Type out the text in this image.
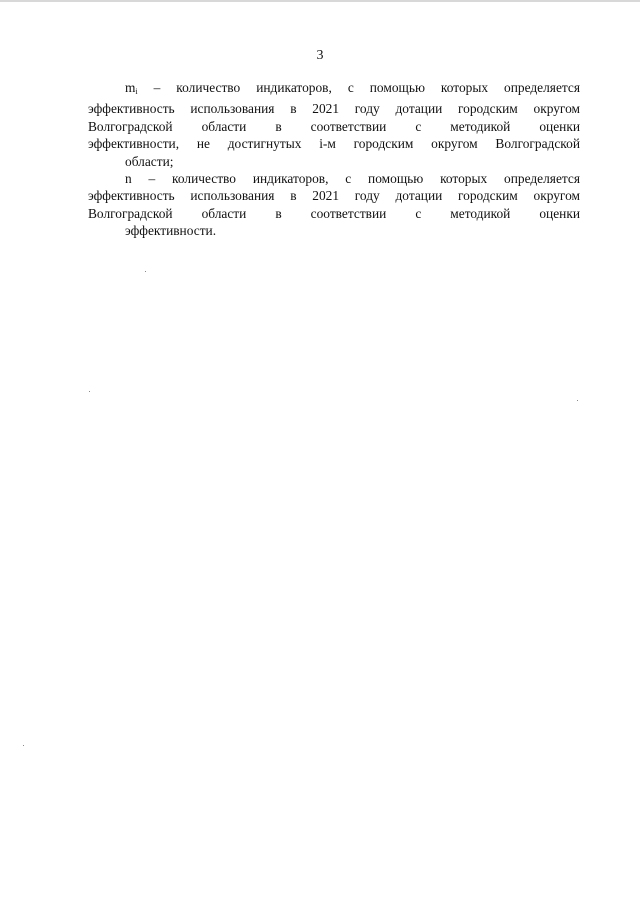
3
$m_i$ – количество индикаторов, с помощью которых определяется
эффективность использования в 2021 году дотации городским округом
Волгоградской области в соответствии с методикой оценки
эффективности, не достигнутых i-м городским округом Волгоградской
области;
n – количество индикаторов, с помощью которых определяется
эффективность использования в 2021 году дотации городским округом
Волгоградской области в соответствии с методикой оценки
эффективности.
